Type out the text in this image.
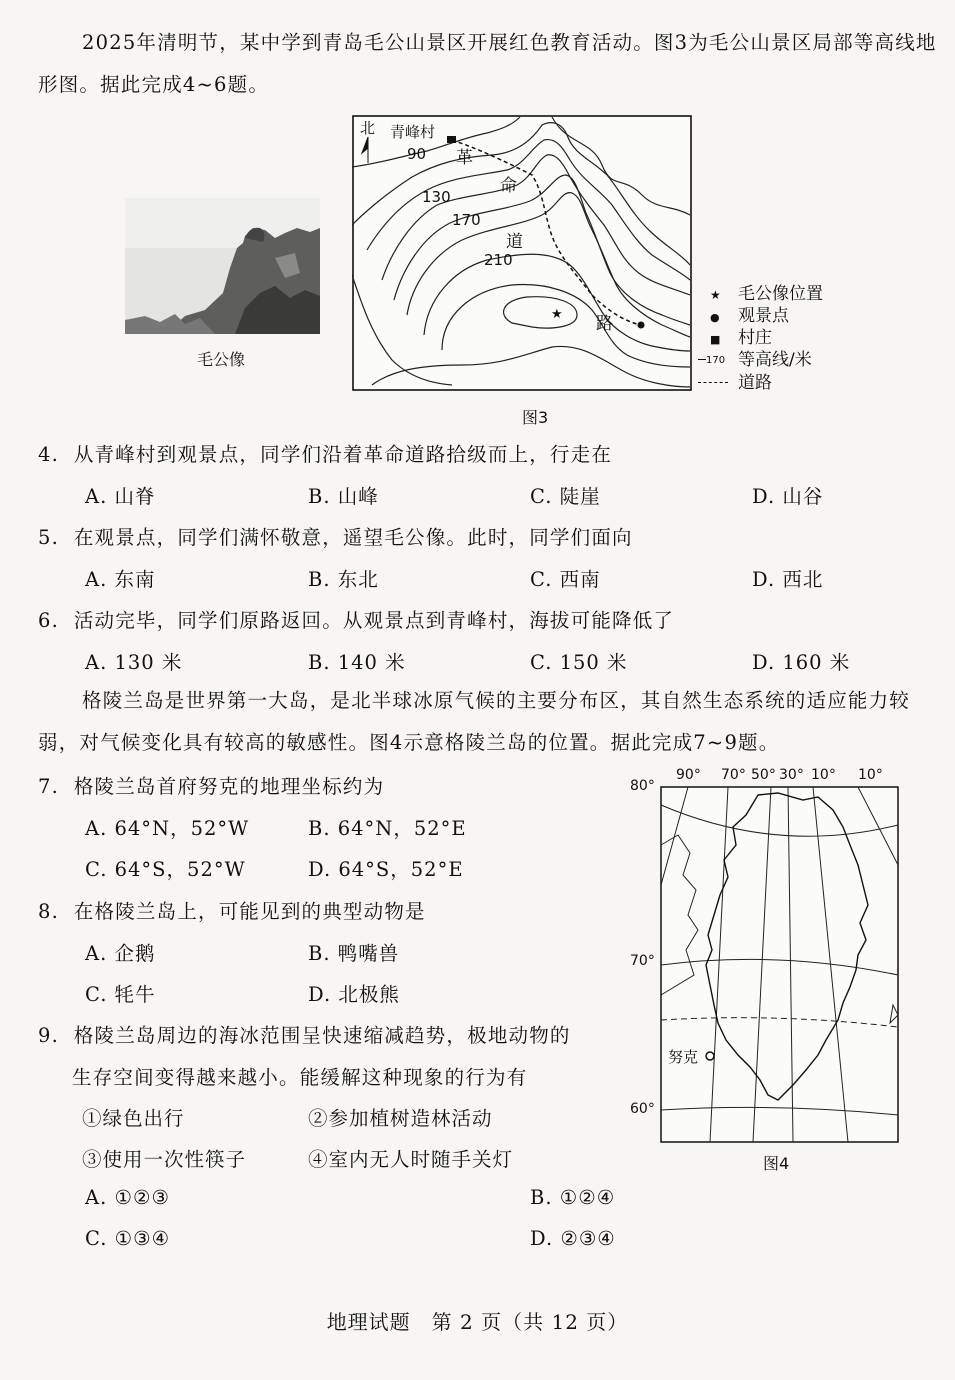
2025年清明节，某中学到青岛毛公山景区开展红色教育活动。图3为毛公山景区局部等高线地形图。据此完成4~6题。
毛公像
★
北 青峰村
90
130
170
210
革
命
道
路
★ 毛公像位置
● 观景点
■ 村庄
170 等高线/米
道路
图3
4. 从青峰村到观景点，同学们沿着革命道路拾级而上，行走在
A. 山脊	B. 山峰	C. 陡崖	D. 山谷
5. 在观景点，同学们满怀敬意，遥望毛公像。此时，同学们面向
A. 东南	B. 东北	C. 西南	D. 西北
6. 活动完毕，同学们原路返回。从观景点到青峰村，海拔可能降低了
A. 130 米	B. 140 米	C. 150 米	D. 160 米
格陵兰岛是世界第一大岛，是北半球冰原气候的主要分布区，其自然生态系统的适应能力较弱，对气候变化具有较高的敏感性。图4示意格陵兰岛的位置。据此完成7~9题。
7. 格陵兰岛首府努克的地理坐标约为
A. 64°N，52°W	B. 64°N，52°E
C. 64°S，52°W	D. 64°S，52°E
8. 在格陵兰岛上，可能见到的典型动物是
A. 企鹅	B. 鸭嘴兽
C. 牦牛	D. 北极熊
9. 格陵兰岛周边的海冰范围呈快速缩减趋势，极地动物的
生存空间变得越来越小。能缓解这种现象的行为有
①绿色出行	②参加植树造林活动
③使用一次性筷子	④室内无人时随手关灯
A. ①②③	B. ①②④
C. ①③④	D. ②③④
90° 70° 50° 30° 10° 10°
80°
70°
60°
努克
图4
地理试题　第 2 页（共 12 页）
